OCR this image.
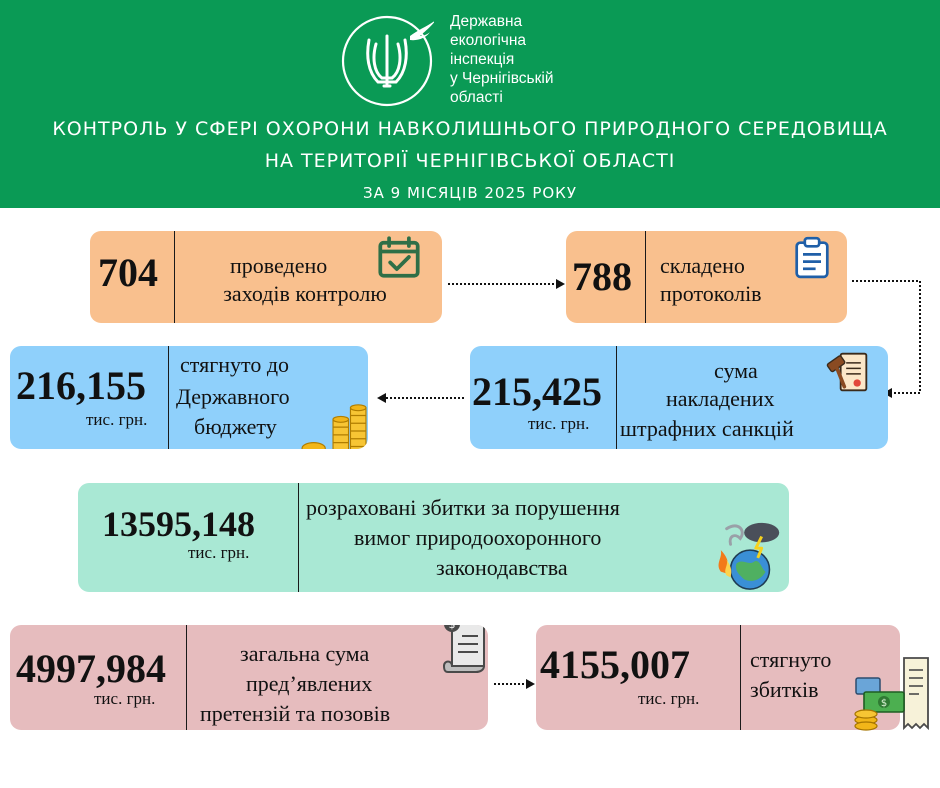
Державна
екологічна
інспекція
у Чернігівській
області
КОНТРОЛЬ У СФЕРІ ОХОРОНИ НАВКОЛИШНЬОГО ПРИРОДНОГО СЕРЕДОВИЩА
НА ТЕРИТОРІЇ ЧЕРНІГІВСЬКОЇ ОБЛАСТІ
ЗА 9 МІСЯЦІВ 2025 РОКУ
704	проведено
заходів контролю	788 складено
протоколів
216,155
тис. грн.
стягнуто до
Державного
бюджету
215,425
тис. грн.
сума
накладених
штрафних санкцій
13595,148
тис. грн.
розраховані збитки за порушення
вимог природоохоронного
законодавства
4997,984
тис. грн.
загальна сума
пред’явлених
претензій та позовів
$
4155,007
тис. грн.
стягнуто
збитків
$
